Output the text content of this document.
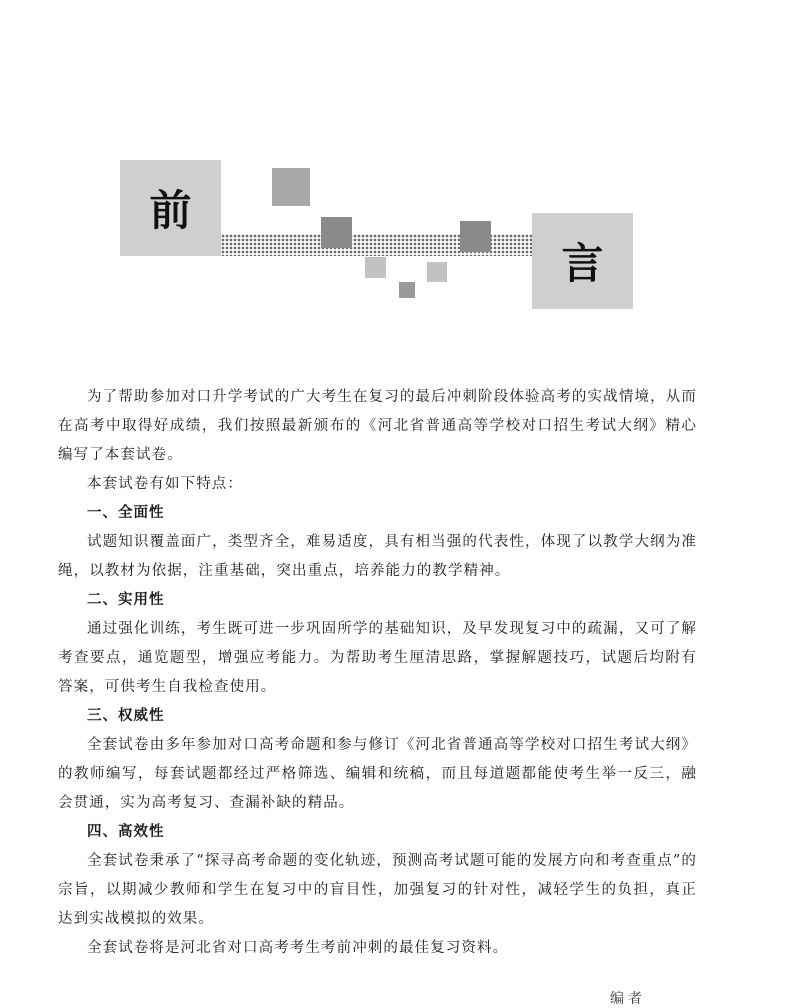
前
言

为了帮助参加对口升学考试的广大考生在复习的最后冲刺阶段体验高考的实战情境，从而在高考中取得好成绩，我们按照最新颁布的《河北省普通高等学校对口招生考试大纲》精心编写了本套试卷。

本套试卷有如下特点：

一、全面性

试题知识覆盖面广，类型齐全，难易适度，具有相当强的代表性，体现了以教学大纲为准绳，以教材为依据，注重基础，突出重点，培养能力的教学精神。

二、实用性

通过强化训练，考生既可进一步巩固所学的基础知识，及早发现复习中的疏漏，又可了解考查要点，通览题型，增强应考能力。为帮助考生厘清思路，掌握解题技巧，试题后均附有答案，可供考生自我检查使用。

三、权威性

全套试卷由多年参加对口高考命题和参与修订《河北省普通高等学校对口招生考试大纲》的教师编写，每套试题都经过严格筛选、编辑和统稿，而且每道题都能使考生举一反三，融会贯通，实为高考复习、查漏补缺的精品。

四、高效性

全套试卷秉承了“探寻高考命题的变化轨迹，预测高考试题可能的发展方向和考查重点”的宗旨，以期减少教师和学生在复习中的盲目性，加强复习的针对性，减轻学生的负担，真正达到实战模拟的效果。

全套试卷将是河北省对口高考考生考前冲刺的最佳复习资料。

编者
